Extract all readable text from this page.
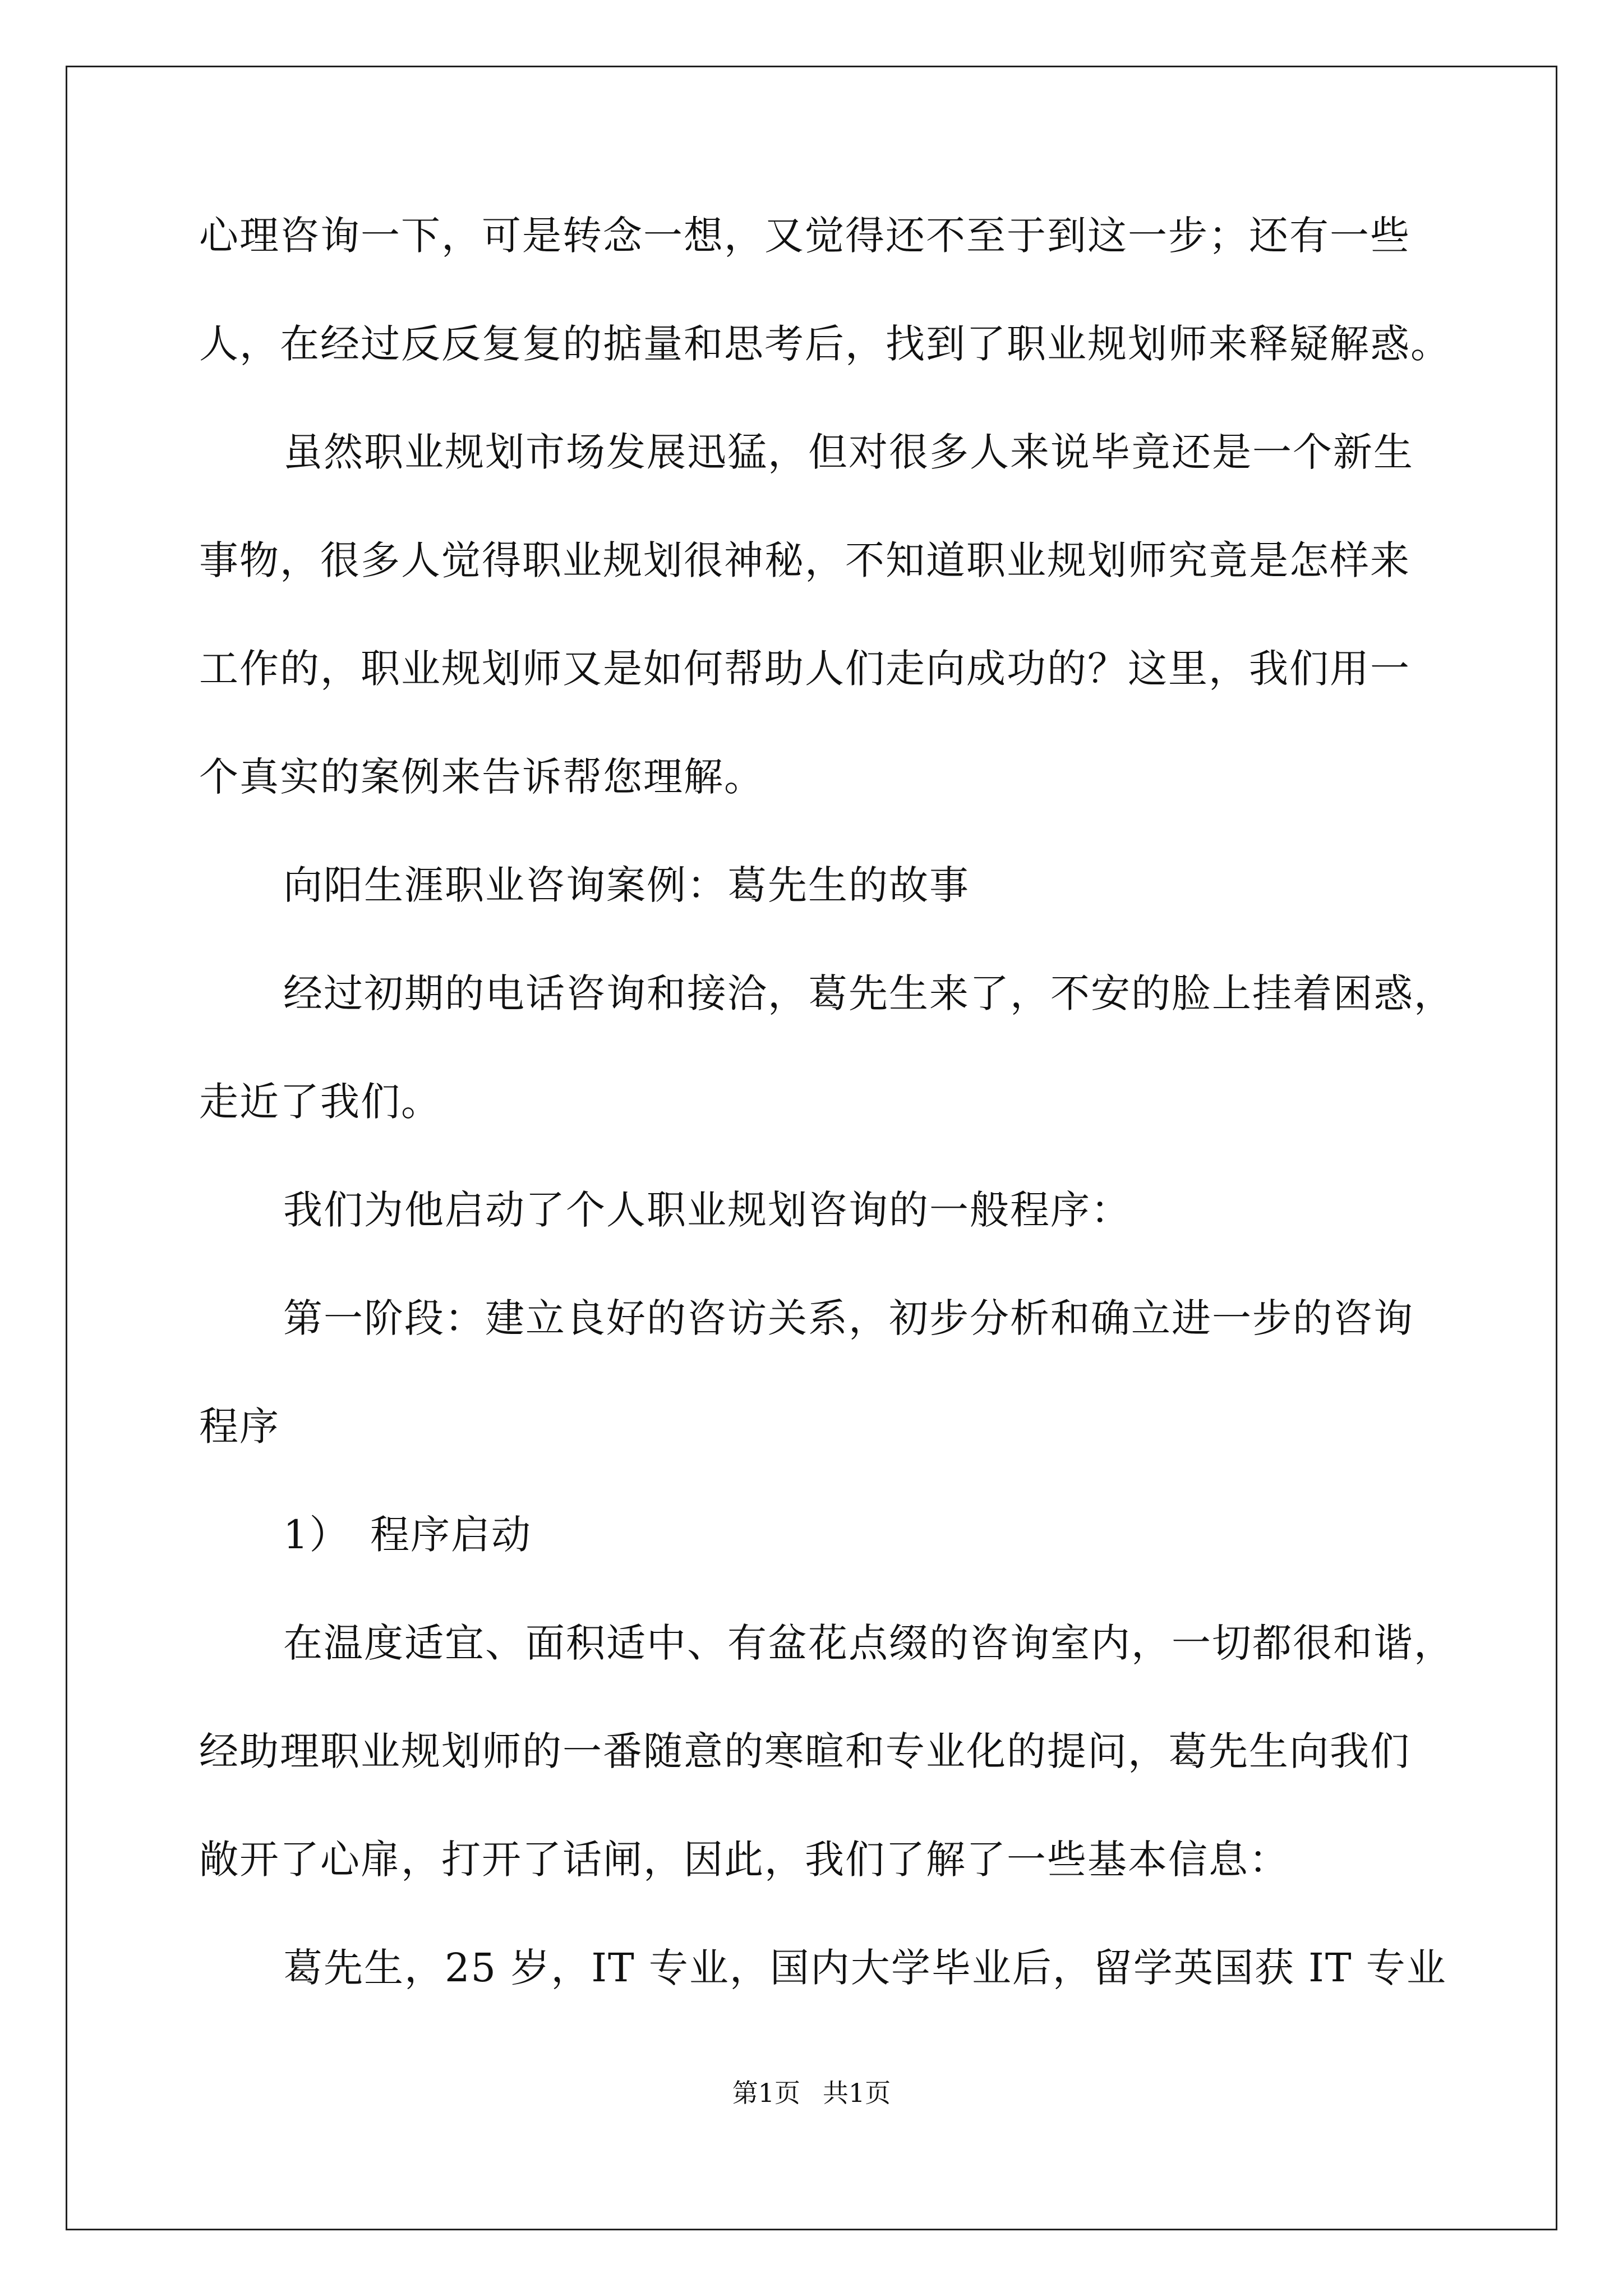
心理咨询一下，可是转念一想，又觉得还不至于到这一步；还有一些
人，在经过反反复复的掂量和思考后，找到了职业规划师来释疑解惑。
虽然职业规划市场发展迅猛，但对很多人来说毕竟还是一个新生
事物，很多人觉得职业规划很神秘，不知道职业规划师究竟是怎样来
工作的，职业规划师又是如何帮助人们走向成功的？这里，我们用一
个真实的案例来告诉帮您理解。
向阳生涯职业咨询案例：葛先生的故事
经过初期的电话咨询和接洽，葛先生来了，不安的脸上挂着困惑，
走近了我们。
我们为他启动了个人职业规划咨询的一般程序：
第一阶段：建立良好的咨访关系，初步分析和确立进一步的咨询
程序
1） 程序启动
在温度适宜、面积适中、有盆花点缀的咨询室内，一切都很和谐，
经助理职业规划师的一番随意的寒暄和专业化的提问，葛先生向我们
敞开了心扉，打开了话闸，因此，我们了解了一些基本信息：
葛先生，25 岁，IT 专业，国内大学毕业后，留学英国获 IT 专业
第1页 共1页
